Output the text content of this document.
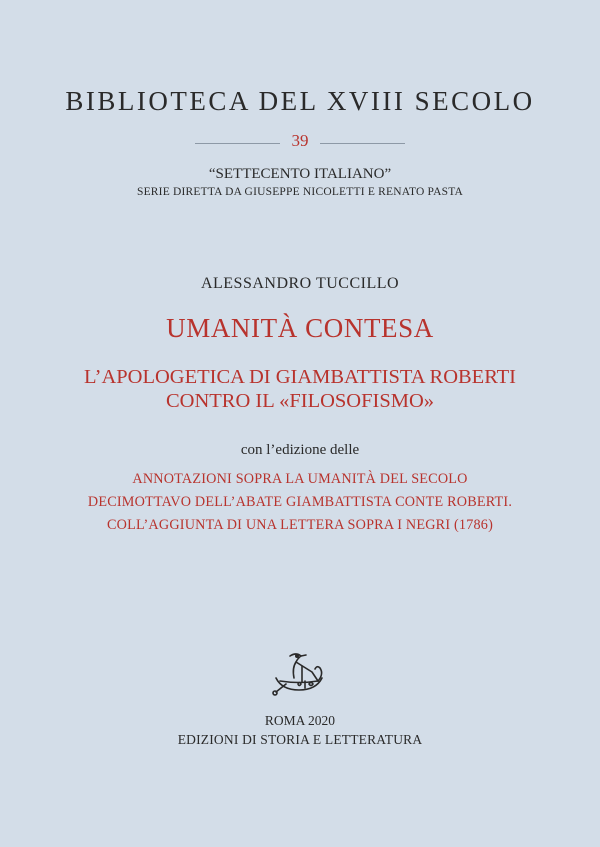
BIBLIOTECA DEL XVIII SECOLO
39
“SETTECENTO ITALIANO”
SERIE DIRETTA DA GIUSEPPE NICOLETTI E RENATO PASTA
ALESSANDRO TUCCILLO
UMANITÀ CONTESA
L’APOLOGETICA DI GIAMBATTISTA ROBERTI
CONTRO IL «FILOSOFISMO»
con l’edizione delle
ANNOTAZIONI SOPRA LA UMANITÀ DEL SECOLO
DECIMOTTAVO DELL’ABATE GIAMBATTISTA CONTE ROBERTI.
COLL’AGGIUNTA DI UNA LETTERA SOPRA I NEGRI (1786)
ROMA 2020
EDIZIONI DI STORIA E LETTERATURA
